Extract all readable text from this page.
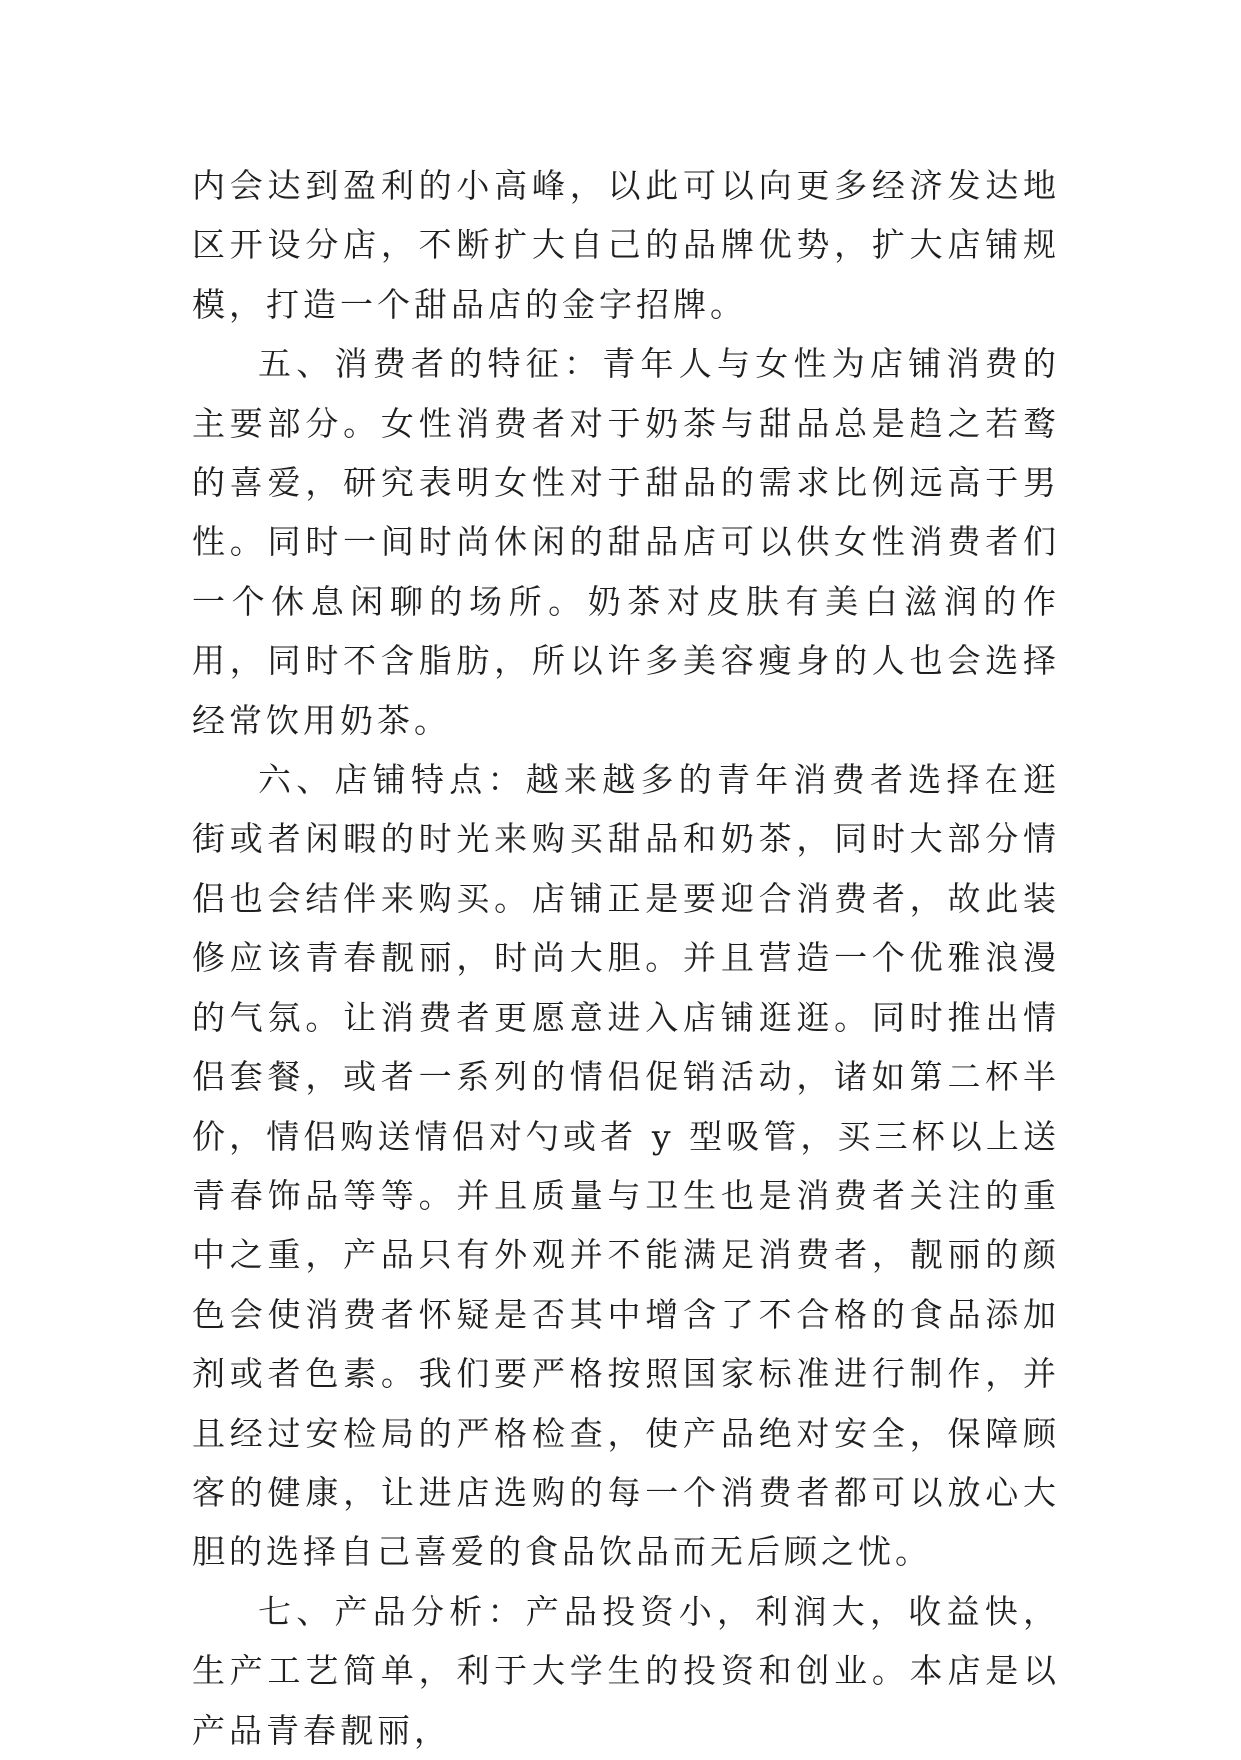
内会达到盈利的小高峰，以此可以向更多经济发达地区开设分店，不断扩大自己的品牌优势，扩大店铺规模，打造一个甜品店的金字招牌。

五、消费者的特征：青年人与女性为店铺消费的主要部分。女性消费者对于奶茶与甜品总是趋之若鹜的喜爱，研究表明女性对于甜品的需求比例远高于男性。同时一间时尚休闲的甜品店可以供女性消费者们一个休息闲聊的场所。奶茶对皮肤有美白滋润的作用，同时不含脂肪，所以许多美容瘦身的人也会选择经常饮用奶茶。

六、店铺特点：越来越多的青年消费者选择在逛街或者闲暇的时光来购买甜品和奶茶，同时大部分情侣也会结伴来购买。店铺正是要迎合消费者，故此装修应该青春靓丽，时尚大胆。并且营造一个优雅浪漫的气氛。让消费者更愿意进入店铺逛逛。同时推出情侣套餐，或者一系列的情侣促销活动，诸如第二杯半价，情侣购送情侣对勺或者 y 型吸管，买三杯以上送青春饰品等等。并且质量与卫生也是消费者关注的重中之重，产品只有外观并不能满足消费者，靓丽的颜色会使消费者怀疑是否其中增含了不合格的食品添加剂或者色素。我们要严格按照国家标准进行制作，并且经过安检局的严格检查，使产品绝对安全，保障顾客的健康，让进店选购的每一个消费者都可以放心大胆的选择自己喜爱的食品饮品而无后顾之忧。

七、产品分析：产品投资小，利润大，收益快，生产工艺简单，利于大学生的投资和创业。本店是以产品青春靓丽，
